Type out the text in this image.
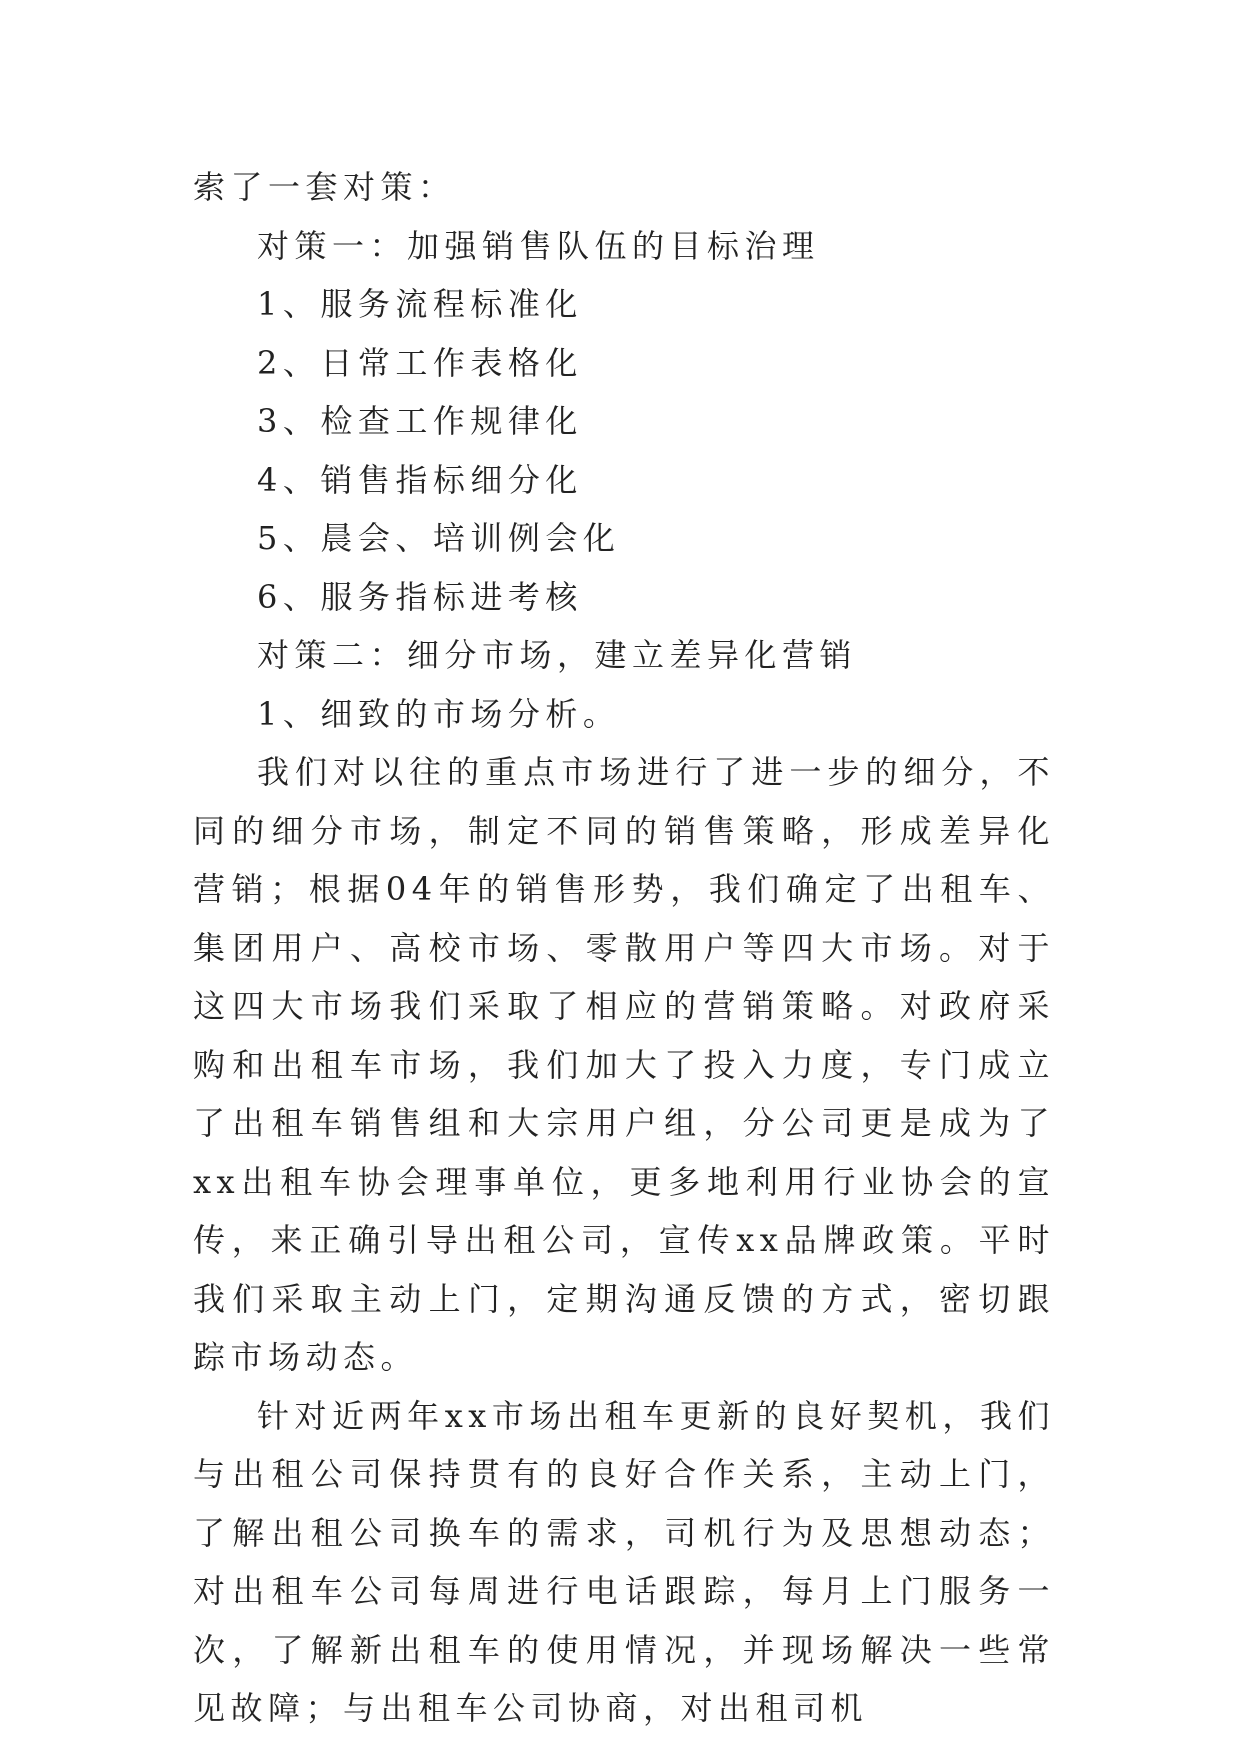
索了一套对策：
对策一：加强销售队伍的目标治理
1、服务流程标准化
2、日常工作表格化
3、检查工作规律化
4、销售指标细分化
5、晨会、培训例会化
6、服务指标进考核
对策二：细分市场，建立差异化营销
1、细致的市场分析。

我们对以往的重点市场进行了进一步的细分，不同的细分市场，制定不同的销售策略，形成差异化营销；根据04年的销售形势，我们确定了出租车、集团用户、高校市场、零散用户等四大市场。对于这四大市场我们采取了相应的营销策略。对政府采购和出租车市场，我们加大了投入力度，专门成立了出租车销售组和大宗用户组，分公司更是成为了xx出租车协会理事单位，更多地利用行业协会的宣传，来正确引导出租公司，宣传xx品牌政策。平时我们采取主动上门，定期沟通反馈的方式，密切跟踪市场动态。

针对近两年xx市场出租车更新的良好契机，我们与出租公司保持贯有的良好合作关系，主动上门，了解出租公司换车的需求，司机行为及思想动态；对出租车公司每周进行电话跟踪，每月上门服务一次，了解新出租车的使用情况，并现场解决一些常见故障；与出租车公司协商，对出租司机
